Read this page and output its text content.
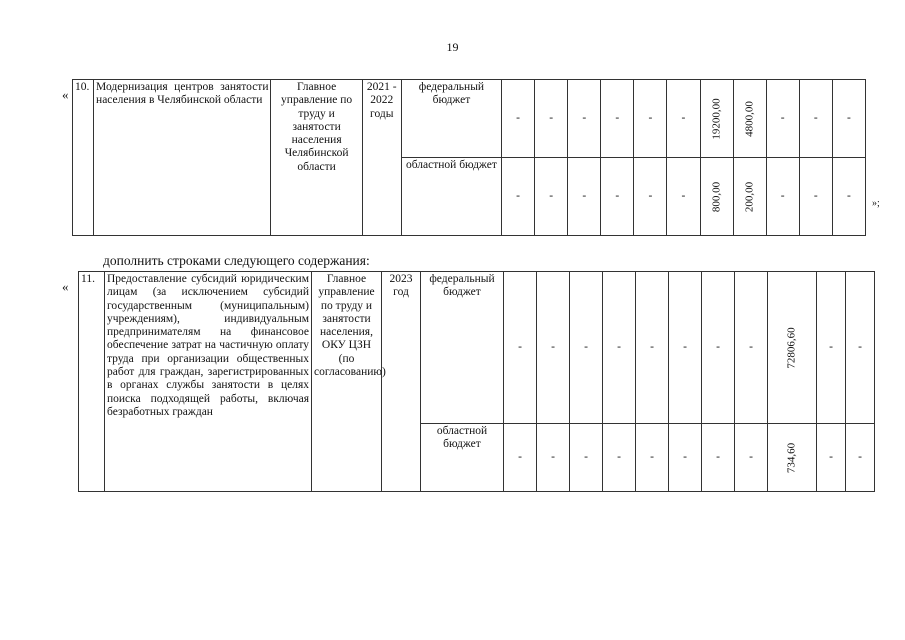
19
« 10.	Модернизация центров занятости населения в Челябинской области	Главное управление по труду и занятости населения Челябинской области	2021 - 2022 годы	федеральный бюджет	-	-	-	-	-	-	19200,00	4800,00	-	-	-
				областной бюджет	-	-	-	-	-	-	800,00	200,00	-	-	-
»;
дополнить строками следующего содержания:
« 11.	Предоставление субсидий юридическим лицам (за исключением субсидий государственным (муниципальным) учреждениям), индивидуальным предпринимателям на финансовое обеспечение затрат на частичную оплату труда при организации общественных работ для граждан, зарегистрированных в органах службы занятости в целях поиска подходящей работы, включая безработных граждан	Главное управление по труду и занятости населения, ОКУ ЦЗН (по согласованию)	2023 год	федеральный бюджет	-	-	-	-	-	-	-	-	72806,60	-	-
				областной бюджет	-	-	-	-	-	-	-	-	734,60	-	-
